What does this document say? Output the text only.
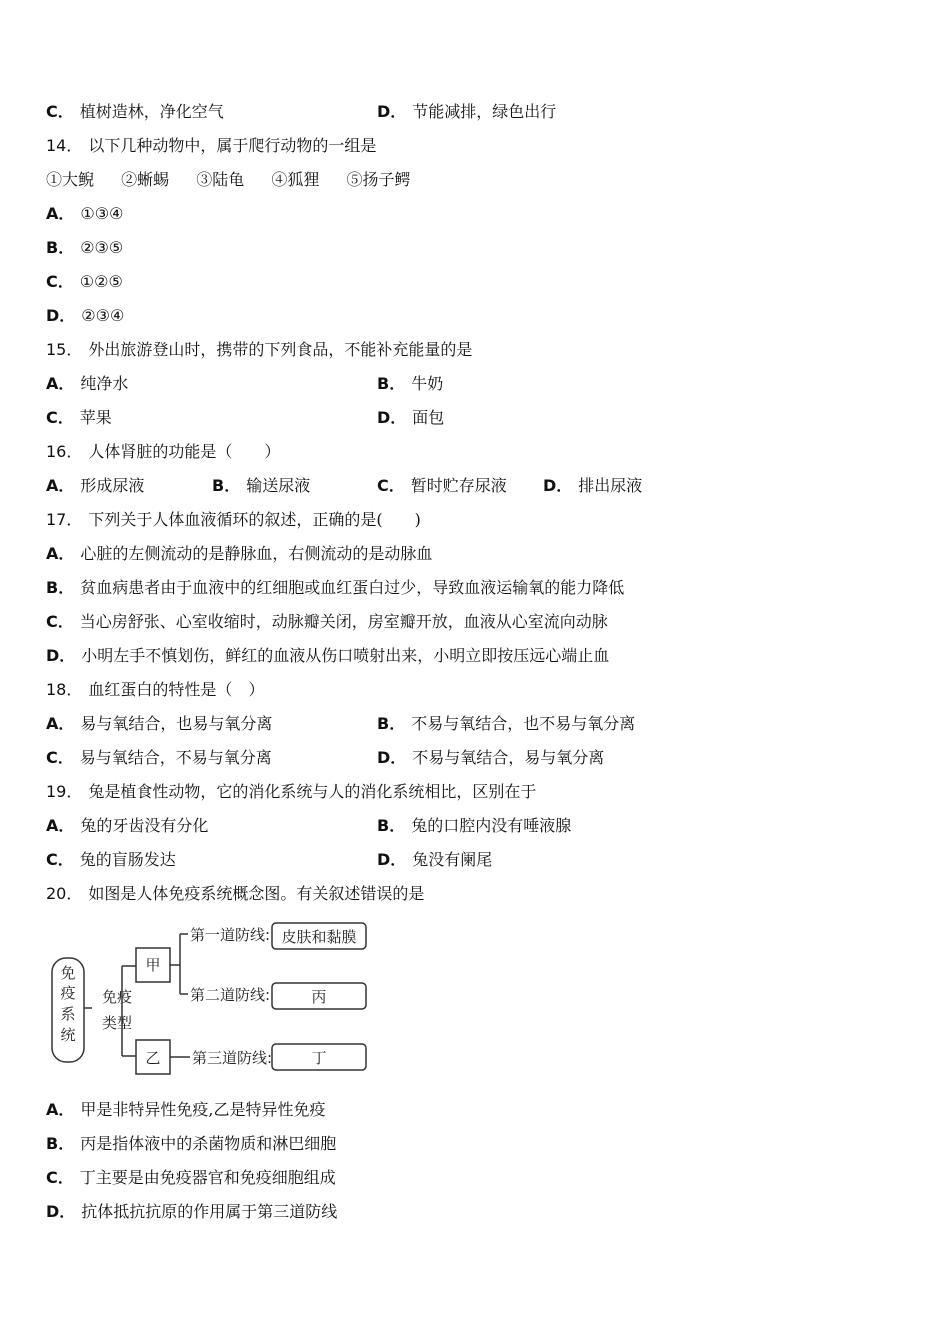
C． 植树造林，净化空气	D． 节能减排，绿色出行
14． 以下几种动物中，属于爬行动物的一组是
①大鲵 ②蜥蜴 ③陆龟 ④狐狸 ⑤扬子鳄
A． ①③④
B． ②③⑤
C． ①②⑤
D． ②③④
15． 外出旅游登山时，携带的下列食品，不能补充能量的是
A． 纯净水	B． 牛奶
C． 苹果	D． 面包
16． 人体肾脏的功能是（　　）
A． 形成尿液	B． 输送尿液	C． 暂时贮存尿液 D． 排出尿液
17． 下列关于人体血液循环的叙述，正确的是(　　)
A． 心脏的左侧流动的是静脉血，右侧流动的是动脉血
B． 贫血病患者由于血液中的红细胞或血红蛋白过少，导致血液运输氧的能力降低
C． 当心房舒张、心室收缩时，动脉瓣关闭，房室瓣开放，血液从心室流向动脉
D． 小明左手不慎划伤，鲜红的血液从伤口喷射出来，小明立即按压远心端止血
18． 血红蛋白的特性是（　）
A． 易与氧结合，也易与氧分离	B． 不易与氧结合，也不易与氧分离
C． 易与氧结合，不易与氧分离	D． 不易与氧结合，易与氧分离
19． 兔是植食性动物，它的消化系统与人的消化系统相比，区别在于
A． 兔的牙齿没有分化	B． 兔的口腔内没有唾液腺
C． 兔的盲肠发达	D． 兔没有阑尾
20． 如图是人体免疫系统概念图。有关叙述错误的是
免
疫
系
统
免疫
类型
甲
乙
第一道防线:
第二道防线:
第三道防线:
皮肤和黏膜
丙
丁
A． 甲是非特异性免疫,乙是特异性免疫
B． 丙是指体液中的杀菌物质和淋巴细胞
C． 丁主要是由免疫器官和免疫细胞组成
D． 抗体抵抗抗原的作用属于第三道防线
